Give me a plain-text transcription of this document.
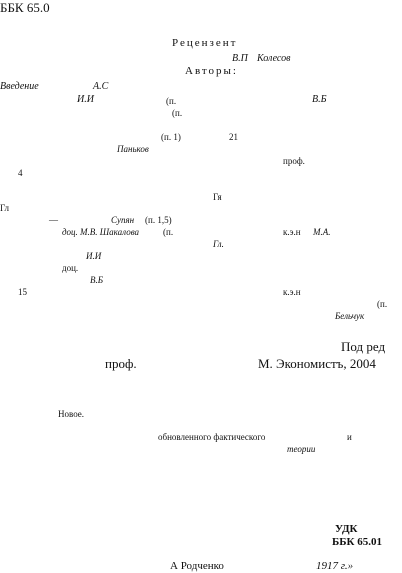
ББК 65.0
Рецензент
В.П Колесов
Авторы:
Введение	А.С
И.И	(п.	В.Б
(п.
(п. 1)	21
Паньков
проф.
4
Гя
Гл
—	Супян (п. 1,5)
доц. М.В. Шакалова	(п.	к.э.н М.А.
Гл.
И.И
доц.
В.Б
15	к.э.н
(п.
Бельчук
Под ред
проф.	М. Экономистъ, 2004
Новое.
обновленного фактического	и
теории
УДК
ББК 65.01
А Родченко	1917 г.»
